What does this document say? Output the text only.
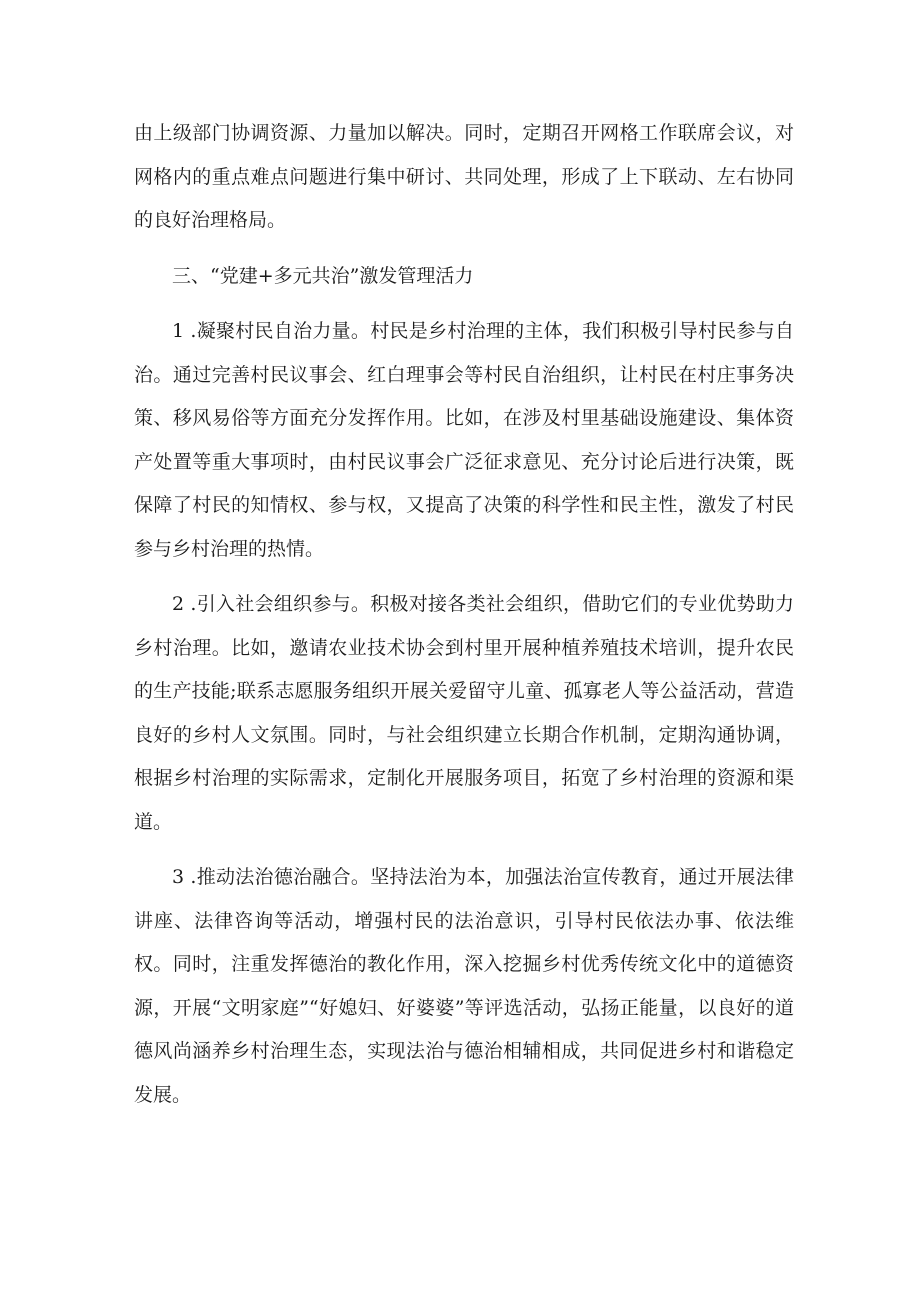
由上级部门协调资源、力量加以解决。同时，定期召开网格工作联席会议，对网格内的重点难点问题进行集中研讨、共同处理，形成了上下联动、左右协同的良好治理格局。

三、“党建+多元共治”激发管理活力

1 .凝聚村民自治力量。村民是乡村治理的主体，我们积极引导村民参与自治。通过完善村民议事会、红白理事会等村民自治组织，让村民在村庄事务决策、移风易俗等方面充分发挥作用。比如，在涉及村里基础设施建设、集体资产处置等重大事项时，由村民议事会广泛征求意见、充分讨论后进行决策，既保障了村民的知情权、参与权，又提高了决策的科学性和民主性，激发了村民参与乡村治理的热情。

2 .引入社会组织参与。积极对接各类社会组织，借助它们的专业优势助力乡村治理。比如，邀请农业技术协会到村里开展种植养殖技术培训，提升农民的生产技能;联系志愿服务组织开展关爱留守儿童、孤寡老人等公益活动，营造良好的乡村人文氛围。同时，与社会组织建立长期合作机制，定期沟通协调，根据乡村治理的实际需求，定制化开展服务项目，拓宽了乡村治理的资源和渠道。

3 .推动法治德治融合。坚持法治为本，加强法治宣传教育，通过开展法律讲座、法律咨询等活动，增强村民的法治意识，引导村民依法办事、依法维权。同时，注重发挥德治的教化作用，深入挖掘乡村优秀传统文化中的道德资源，开展“文明家庭”“好媳妇、好婆婆”等评选活动，弘扬正能量，以良好的道德风尚涵养乡村治理生态，实现法治与德治相辅相成，共同促进乡村和谐稳定发展。
